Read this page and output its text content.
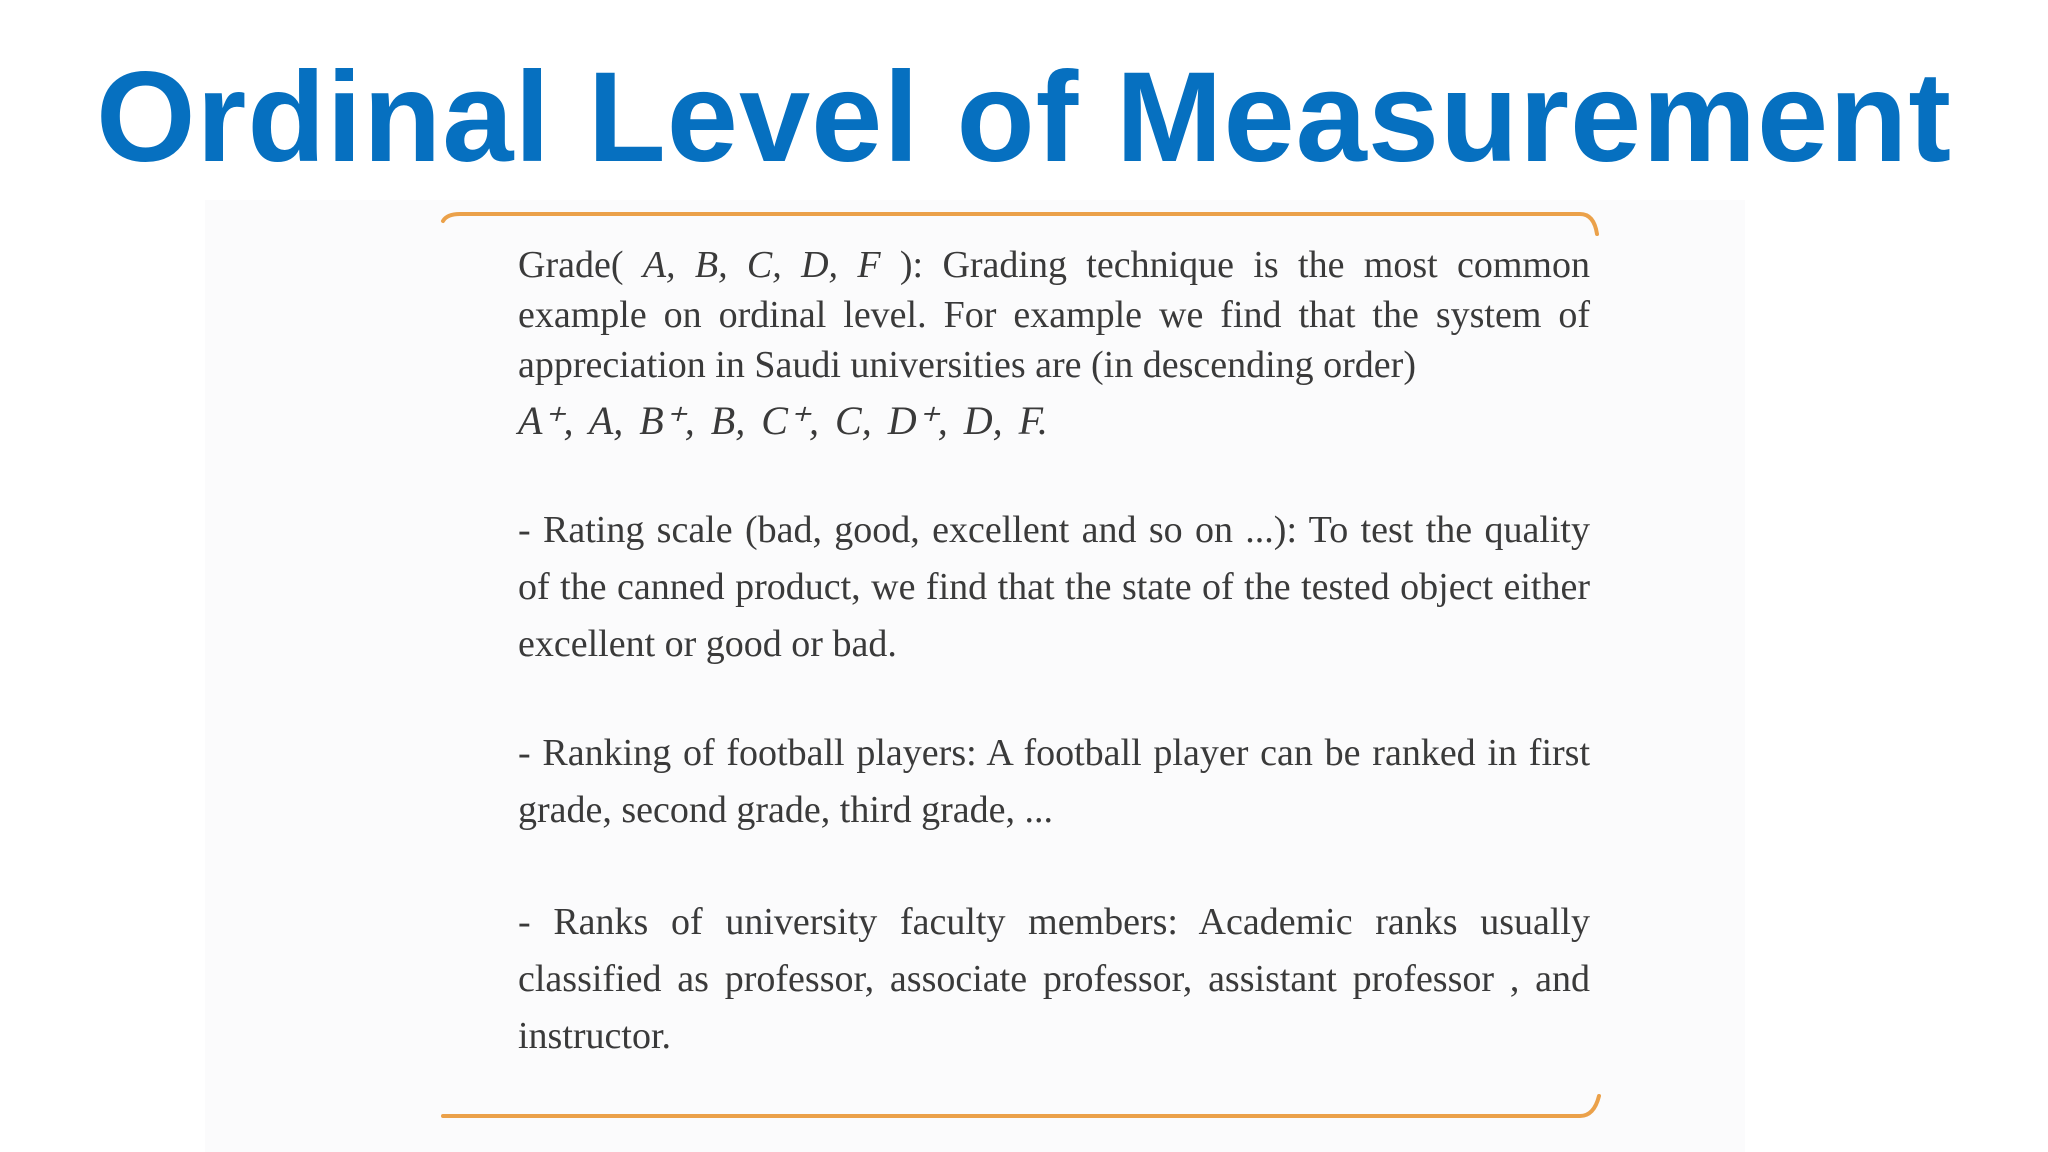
Ordinal Level of Measurement

Grade( A, B, C, D, F ): Grading technique is the most common example on ordinal level. For example we find that the system of appreciation in Saudi universities are (in descending order)

A⁺, A, B⁺, B, C⁺, C, D⁺, D, F.

- Rating scale (bad, good, excellent and so on ...): To test the quality of the canned product, we find that the state of the tested object either excellent or good or bad.

- Ranking of football players: A football player can be ranked in first grade, second grade, third grade, ...

- Ranks of university faculty members: Academic ranks usually classified as professor, associate professor, assistant professor , and instructor.
